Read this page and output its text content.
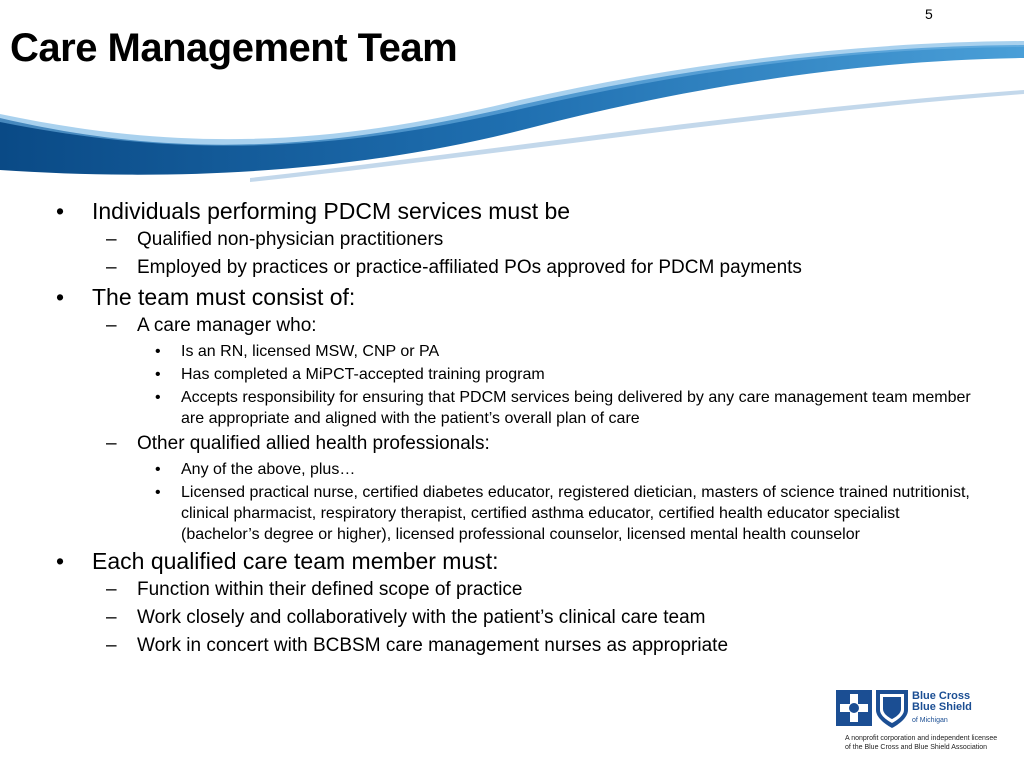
5
Care Management Team
• Individuals performing PDCM services must be
– Qualified non-physician practitioners
– Employed by practices or practice-affiliated POs approved for PDCM payments
• The team must consist of:
– A care manager who:
• Is an RN, licensed MSW, CNP or PA
• Has completed a MiPCT-accepted training program
• Accepts responsibility for ensuring that PDCM services being delivered by any care management team member are appropriate and aligned with the patient’s overall plan of care
– Other qualified allied health professionals:
• Any of the above, plus…
• Licensed practical nurse, certified diabetes educator, registered dietician, masters of science trained nutritionist, clinical pharmacist, respiratory therapist, certified asthma educator, certified health educator specialist (bachelor’s degree or higher), licensed professional counselor, licensed mental health counselor
• Each qualified care team member must:
– Function within their defined scope of practice
– Work closely and collaboratively with the patient’s clinical care team
– Work in concert with BCBSM care management nurses as appropriate
Blue Cross
Blue Shield
of Michigan
A nonprofit corporation and independent licensee
of the Blue Cross and Blue Shield Association
